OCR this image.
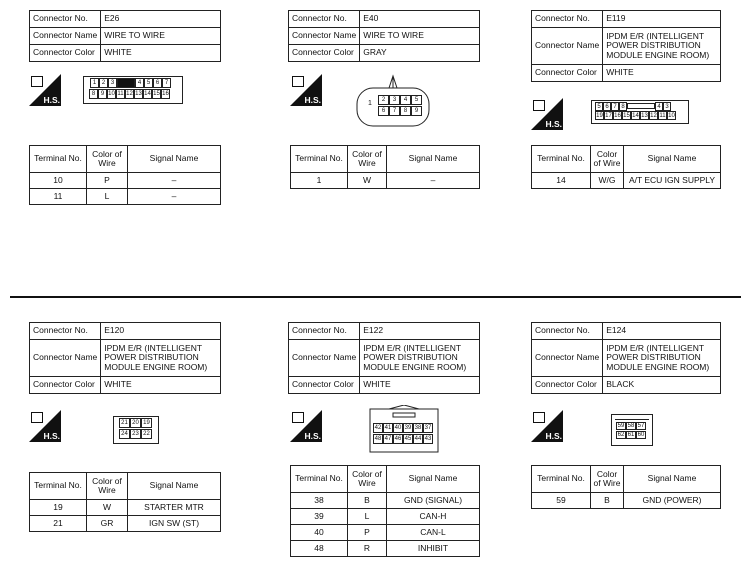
Connector No.	E26
Connector Name	WIRE TO WIRE
Connector Color	WHITE
H.S.
1 2 3	4 5 6 7
8 9 10 11 12 13 14 15 16
Terminal No.	Color of Wire	Signal Name
10	P	–
11	L	–
Connector No.	E40
Connector Name	WIRE TO WIRE
Connector Color	GRAY
H.S.	1	2	3	4	5
6	7	8	9
Terminal No.	Color of Wire	Signal Name
1	W	–
Connector No.	E119
Connector Name	IPDM E/R (INTELLIGENT POWER DISTRIBUTION MODULE ENGINE ROOM)
Connector Color	WHITE
H.S.
5 6 7 8	4 3
19 17 16 15 14 13 12 11 10
Terminal No.	Color of Wire	Signal Name
14	W/G	A/T ECU IGN SUPPLY
Connector No.	E120
Connector Name	IPDM E/R (INTELLIGENT POWER DISTRIBUTION MODULE ENGINE ROOM)
Connector Color	WHITE
H.S.
21 20 19
24 23 22
Terminal No.	Color of Wire	Signal Name
19	W	STARTER MTR
21	GR	IGN SW (ST)
Connector No.	E122
Connector Name	IPDM E/R (INTELLIGENT POWER DISTRIBUTION MODULE ENGINE ROOM)
Connector Color	WHITE
H.S.
42 41 40 39 38 37
48 47 46 45 44 43
Terminal No.	Color of Wire	Signal Name
38	B	GND (SIGNAL)
39	L	CAN-H
40	P	CAN-L
48	R	INHIBIT
Connector No.	E124
Connector Name	IPDM E/R (INTELLIGENT POWER DISTRIBUTION MODULE ENGINE ROOM)
Connector Color	BLACK
H.S.
59 58 57
62 61 60
Terminal No.	Color of Wire	Signal Name
59	B	GND (POWER)
